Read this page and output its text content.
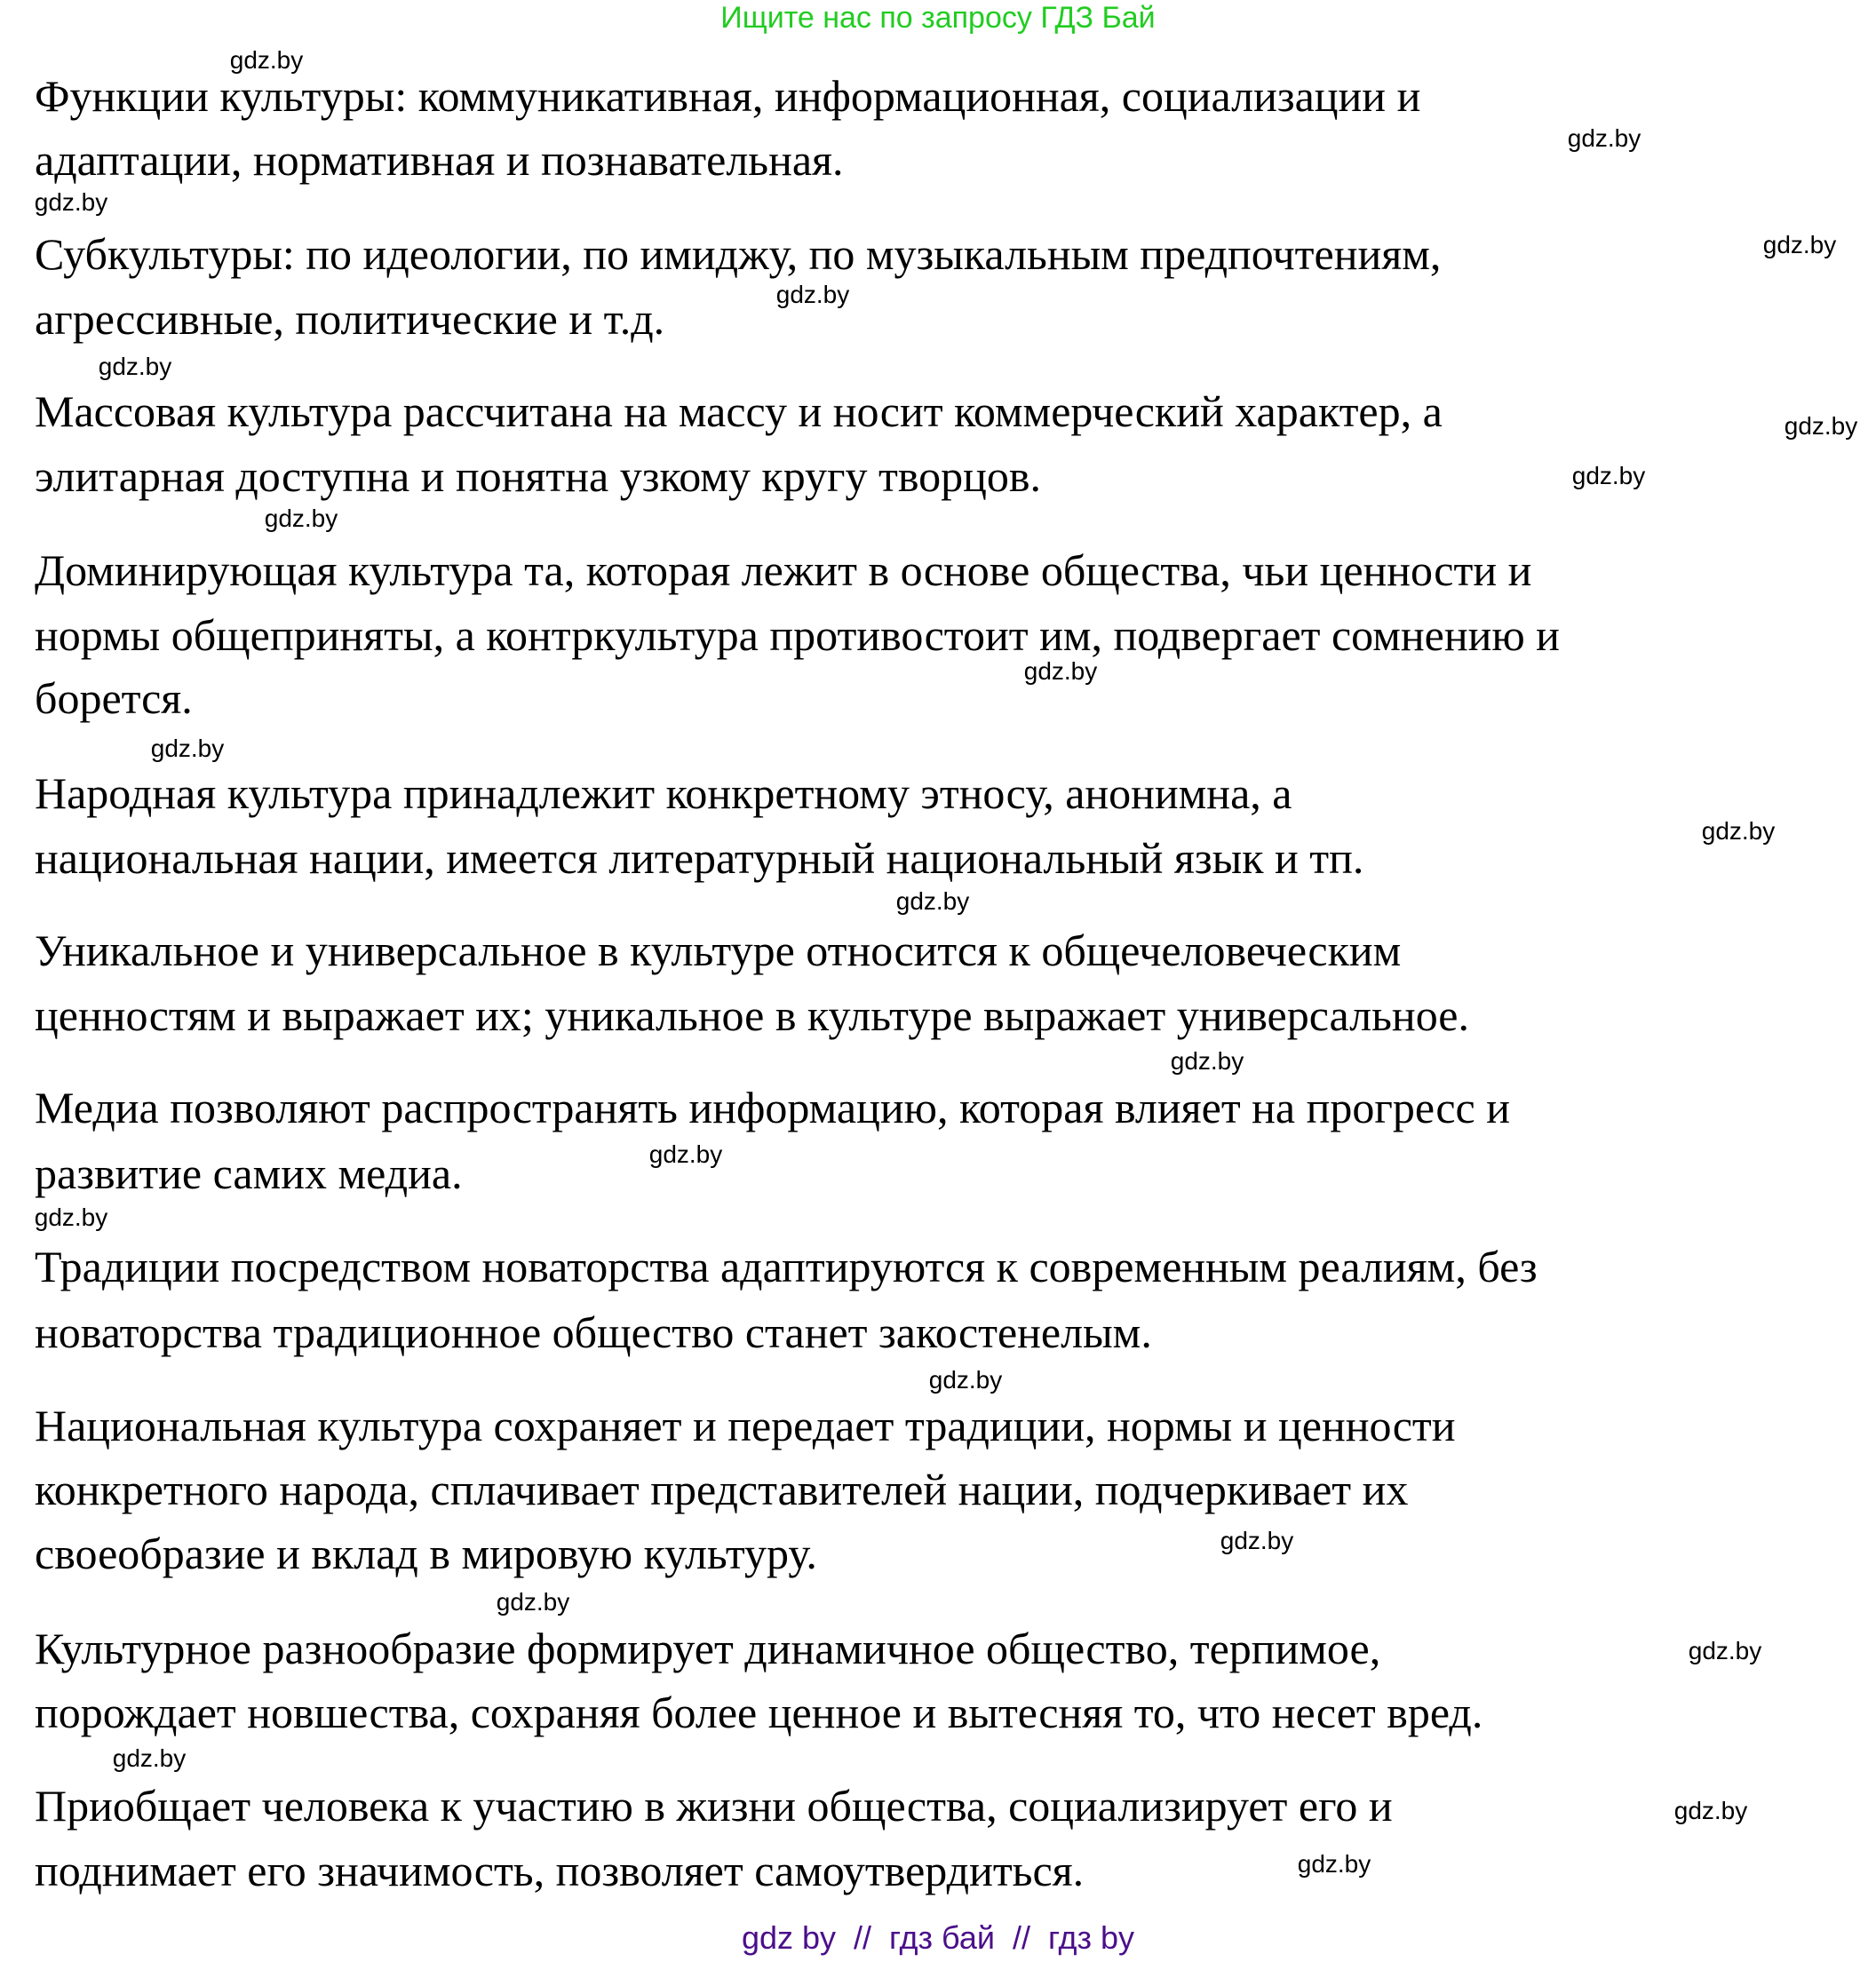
Ищите нас по запросу ГДЗ Бай
Функции культуры: коммуникативная, информационная, социализации и
адаптации, нормативная и познавательная.
Субкультуры: по идеологии, по имиджу, по музыкальным предпочтениям,
агрессивные, политические и т.д.
Массовая культура рассчитана на массу и носит коммерческий характер, а
элитарная доступна и понятна узкому кругу творцов.
Доминирующая культура та, которая лежит в основе общества, чьи ценности и
нормы общеприняты, а контркультура противостоит им, подвергает сомнению и
борется.
Народная культура принадлежит конкретному этносу, анонимна, а
национальная нации, имеется литературный национальный язык и тп.
Уникальное и универсальное в культуре относится к общечеловеческим
ценностям и выражает их; уникальное в культуре выражает универсальное.
Медиа позволяют распространять информацию, которая влияет на прогресс и
развитие самих медиа.
Традиции посредством новаторства адаптируются к современным реалиям, без
новаторства традиционное общество станет закостенелым.
Национальная культура сохраняет и передает традиции, нормы и ценности
конкретного народа, сплачивает представителей нации, подчеркивает их
своеобразие и вклад в мировую культуру.
Культурное разнообразие формирует динамичное общество, терпимое,
порождает новшества, сохраняя более ценное и вытесняя то, что несет вред.
Приобщает человека к участию в жизни общества, социализирует его и
поднимает его значимость, позволяет самоутвердиться.
gdz.by
gdz.by
gdz.by
gdz.by
gdz.by
gdz.by
gdz.by
gdz.by
gdz.by
gdz.by
gdz.by
gdz.by
gdz.by
gdz.by
gdz.by
gdz.by
gdz.by
gdz.by
gdz.by
gdz.by
gdz.by
gdz.by
gdz.by
gdz by  //  гдз бай  //  гдз by
